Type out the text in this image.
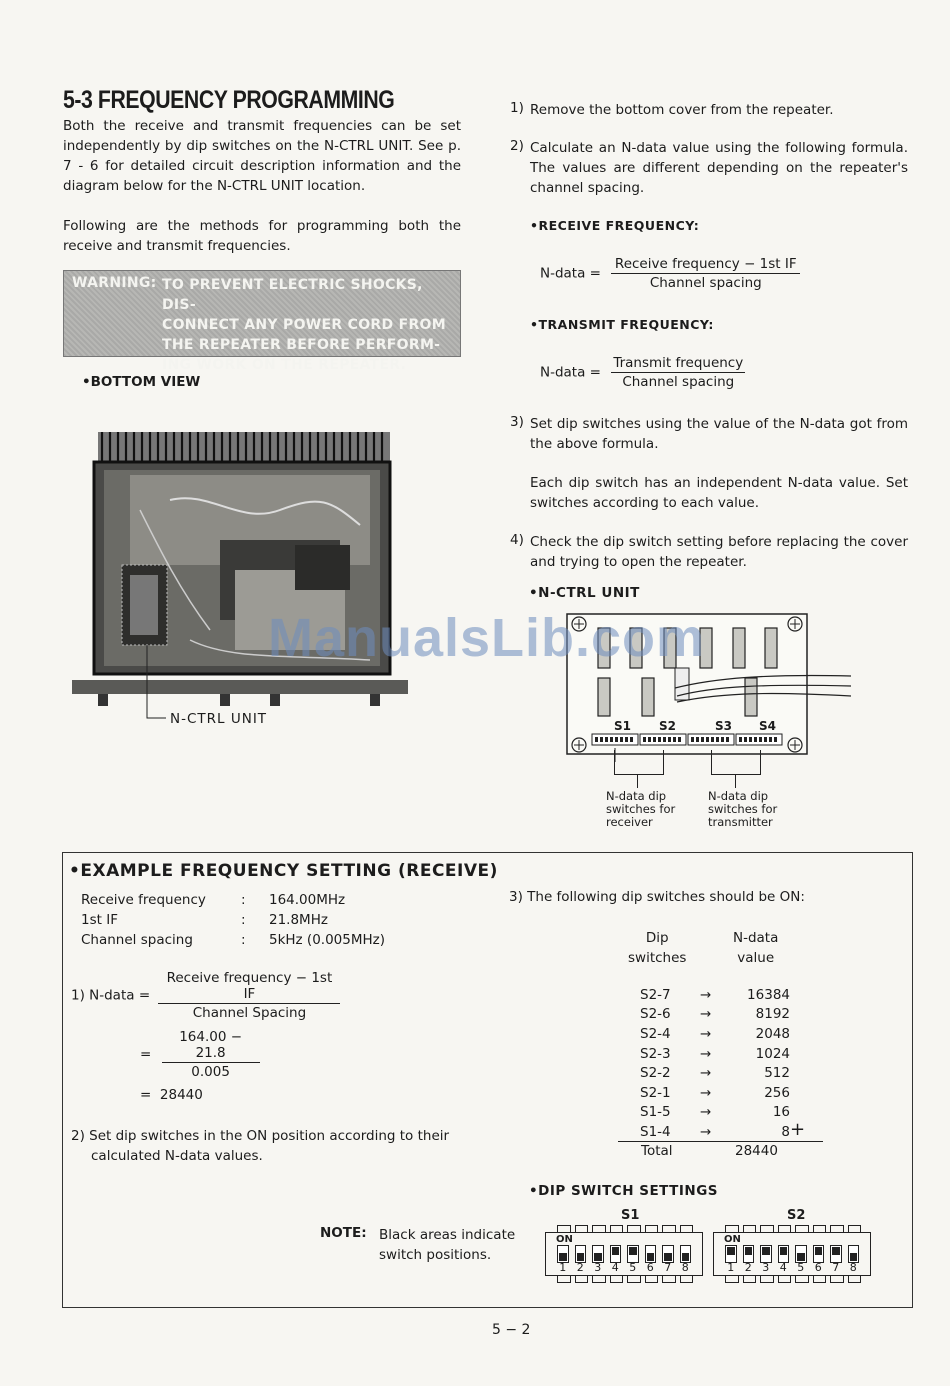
5-3 FREQUENCY PROGRAMMING

Both the receive and transmit frequencies can be set independently by dip switches on the N-CTRL UNIT. See p. 7 - 6 for detailed circuit description information and the diagram below for the N-CTRL UNIT location.

Following are the methods for programming both the receive and transmit frequencies.

WARNING: TO PREVENT ELECTRIC SHOCKS, DIS-
CONNECT ANY POWER CORD FROM
THE REPEATER BEFORE PERFORM-
ING WORK ON THE REPEATER.
•BOTTOM VIEW
N-CTRL UNIT
1) Remove the bottom cover from the repeater.

2) Calculate an N-data value using the following formula. The values are different depending on the repeater's channel spacing.

•RECEIVE FREQUENCY:
N-data = $\frac{\text{Receive frequency − 1st IF}}{\text{Channel spacing}}$
•TRANSMIT FREQUENCY:
N-data = $\frac{\text{Transmit frequency}}{\text{Channel spacing}}$
3) Set dip switches using the value of the N-data got from the above formula.

Each dip switch has an independent N-data value. Set switches according to each value.

4) Check the dip switch setting before replacing the cover and trying to open the repeater.

•N-CTRL UNIT
S1 S2	S3 S4
N-data dip
switches for
receiver
N-data dip
switches for
transmitter
ManualsLib.com
•EXAMPLE FREQUENCY SETTING (RECEIVE)
Receive frequency	:	164.00MHz
1st IF	:	21.8MHz
Channel spacing	:	5kHz (0.005MHz)
1) N-data = $\frac{\text{Receive frequency − 1st IF}}{\text{Channel Spacing}}$
= $\frac{164.00 - 21.8}{0.005}$
=  28440
2) Set dip switches in the ON position according to their calculated N-data values.
NOTE: Black areas indicate switch positions.
3) The following dip switches should be ON:
Dip
switches
N-data
value
S2-7	→	16384
S2-6	→	8192
S2-4	→	2048
S2-3	→	1024
S2-2	→	512
S2-1	→	256
S1-5	→	16
S1-4	→	8 +
Total	28440
•DIP SWITCH SETTINGS
S1
ON
1 2 3 4 5 6 7 8
S2
ON
1 2 3 4 5 6 7 8
5 − 2
